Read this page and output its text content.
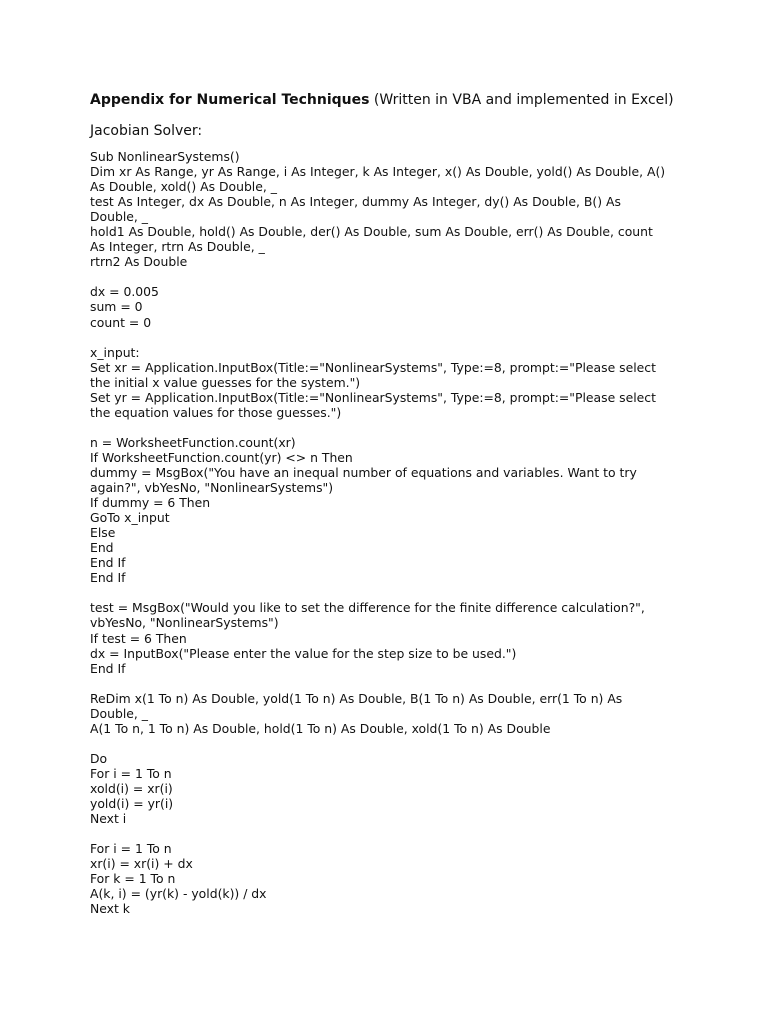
Appendix for Numerical Techniques (Written in VBA and implemented in Excel)
Jacobian Solver:
Sub NonlinearSystems()
Dim xr As Range, yr As Range, i As Integer, k As Integer, x() As Double, yold() As Double, A()
As Double, xold() As Double, _
test As Integer, dx As Double, n As Integer, dummy As Integer, dy() As Double, B() As
Double, _
hold1 As Double, hold() As Double, der() As Double, sum As Double, err() As Double, count
As Integer, rtrn As Double, _
rtrn2 As Double
dx = 0.005
sum = 0
count = 0
x_input:
Set xr = Application.InputBox(Title:="NonlinearSystems", Type:=8, prompt:="Please select
the initial x value guesses for the system.")
Set yr = Application.InputBox(Title:="NonlinearSystems", Type:=8, prompt:="Please select
the equation values for those guesses.")
n = WorksheetFunction.count(xr)
If WorksheetFunction.count(yr) <> n Then
dummy = MsgBox("You have an inequal number of equations and variables. Want to try
again?", vbYesNo, "NonlinearSystems")
If dummy = 6 Then
GoTo x_input
Else
End
End If
End If
test = MsgBox("Would you like to set the difference for the finite difference calculation?",
vbYesNo, "NonlinearSystems")
If test = 6 Then
dx = InputBox("Please enter the value for the step size to be used.")
End If
ReDim x(1 To n) As Double, yold(1 To n) As Double, B(1 To n) As Double, err(1 To n) As
Double, _
A(1 To n, 1 To n) As Double, hold(1 To n) As Double, xold(1 To n) As Double
Do
For i = 1 To n
xold(i) = xr(i)
yold(i) = yr(i)
Next i
For i = 1 To n
xr(i) = xr(i) + dx
For k = 1 To n
A(k, i) = (yr(k) - yold(k)) / dx
Next k
